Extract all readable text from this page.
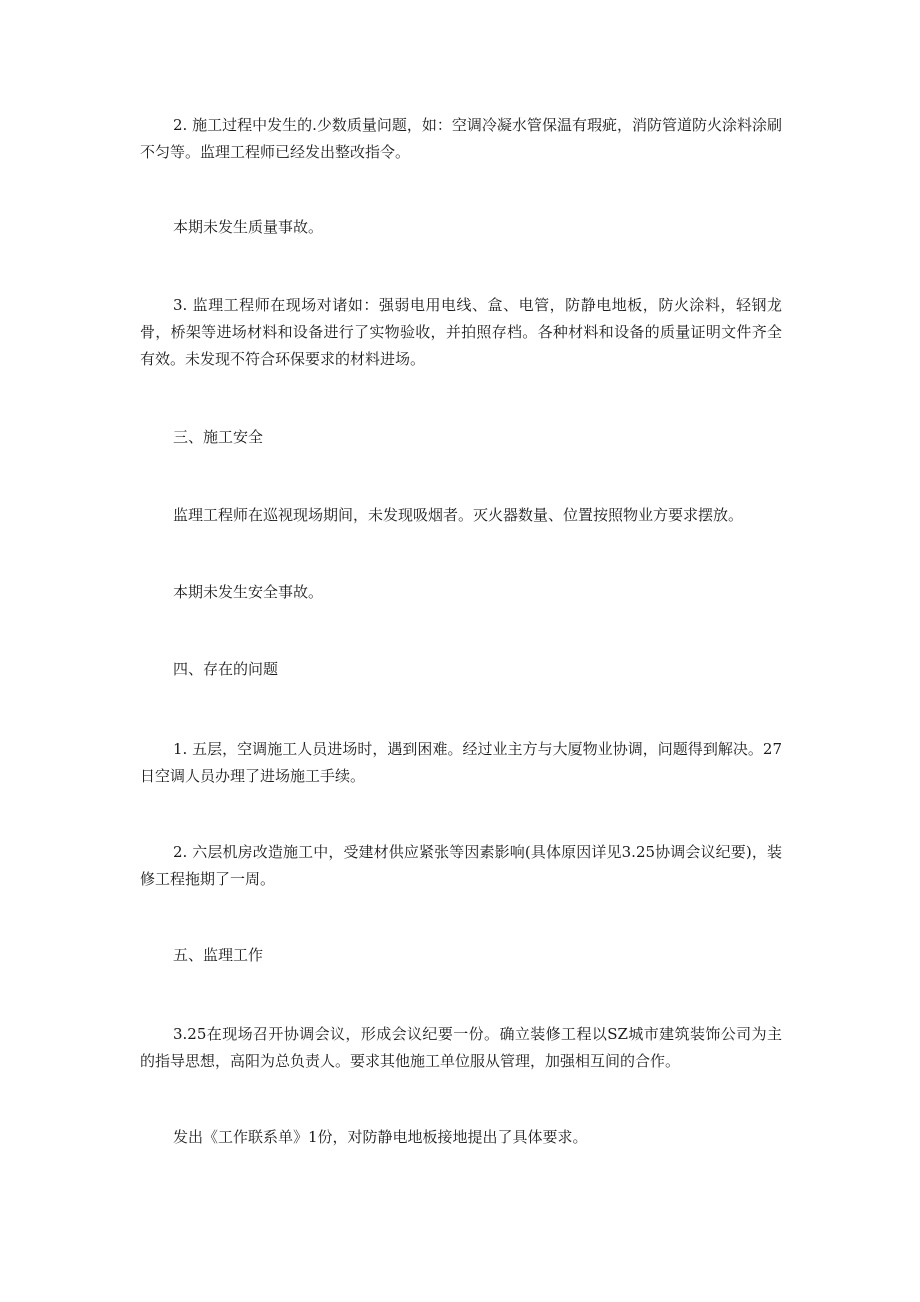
2. 施工过程中发生的.少数质量问题，如：空调冷凝水管保温有瑕疵，消防管道防火涂料涂刷不匀等。监理工程师已经发出整改指令。

本期未发生质量事故。

3. 监理工程师在现场对诸如：强弱电用电线、盒、电管，防静电地板，防火涂料，轻钢龙骨，桥架等进场材料和设备进行了实物验收，并拍照存档。各种材料和设备的质量证明文件齐全有效。未发现不符合环保要求的材料进场。

三、施工安全

监理工程师在巡视现场期间，未发现吸烟者。灭火器数量、位置按照物业方要求摆放。

本期未发生安全事故。

四、存在的问题

1. 五层，空调施工人员进场时，遇到困难。经过业主方与大厦物业协调，问题得到解决。27日空调人员办理了进场施工手续。

2. 六层机房改造施工中，受建材供应紧张等因素影响(具体原因详见3.25协调会议纪要)，装修工程拖期了一周。

五、监理工作

3.25在现场召开协调会议，形成会议纪要一份。确立装修工程以SZ城市建筑装饰公司为主的指导思想，高阳为总负责人。要求其他施工单位服从管理，加强相互间的合作。

发出《工作联系单》1份，对防静电地板接地提出了具体要求。
